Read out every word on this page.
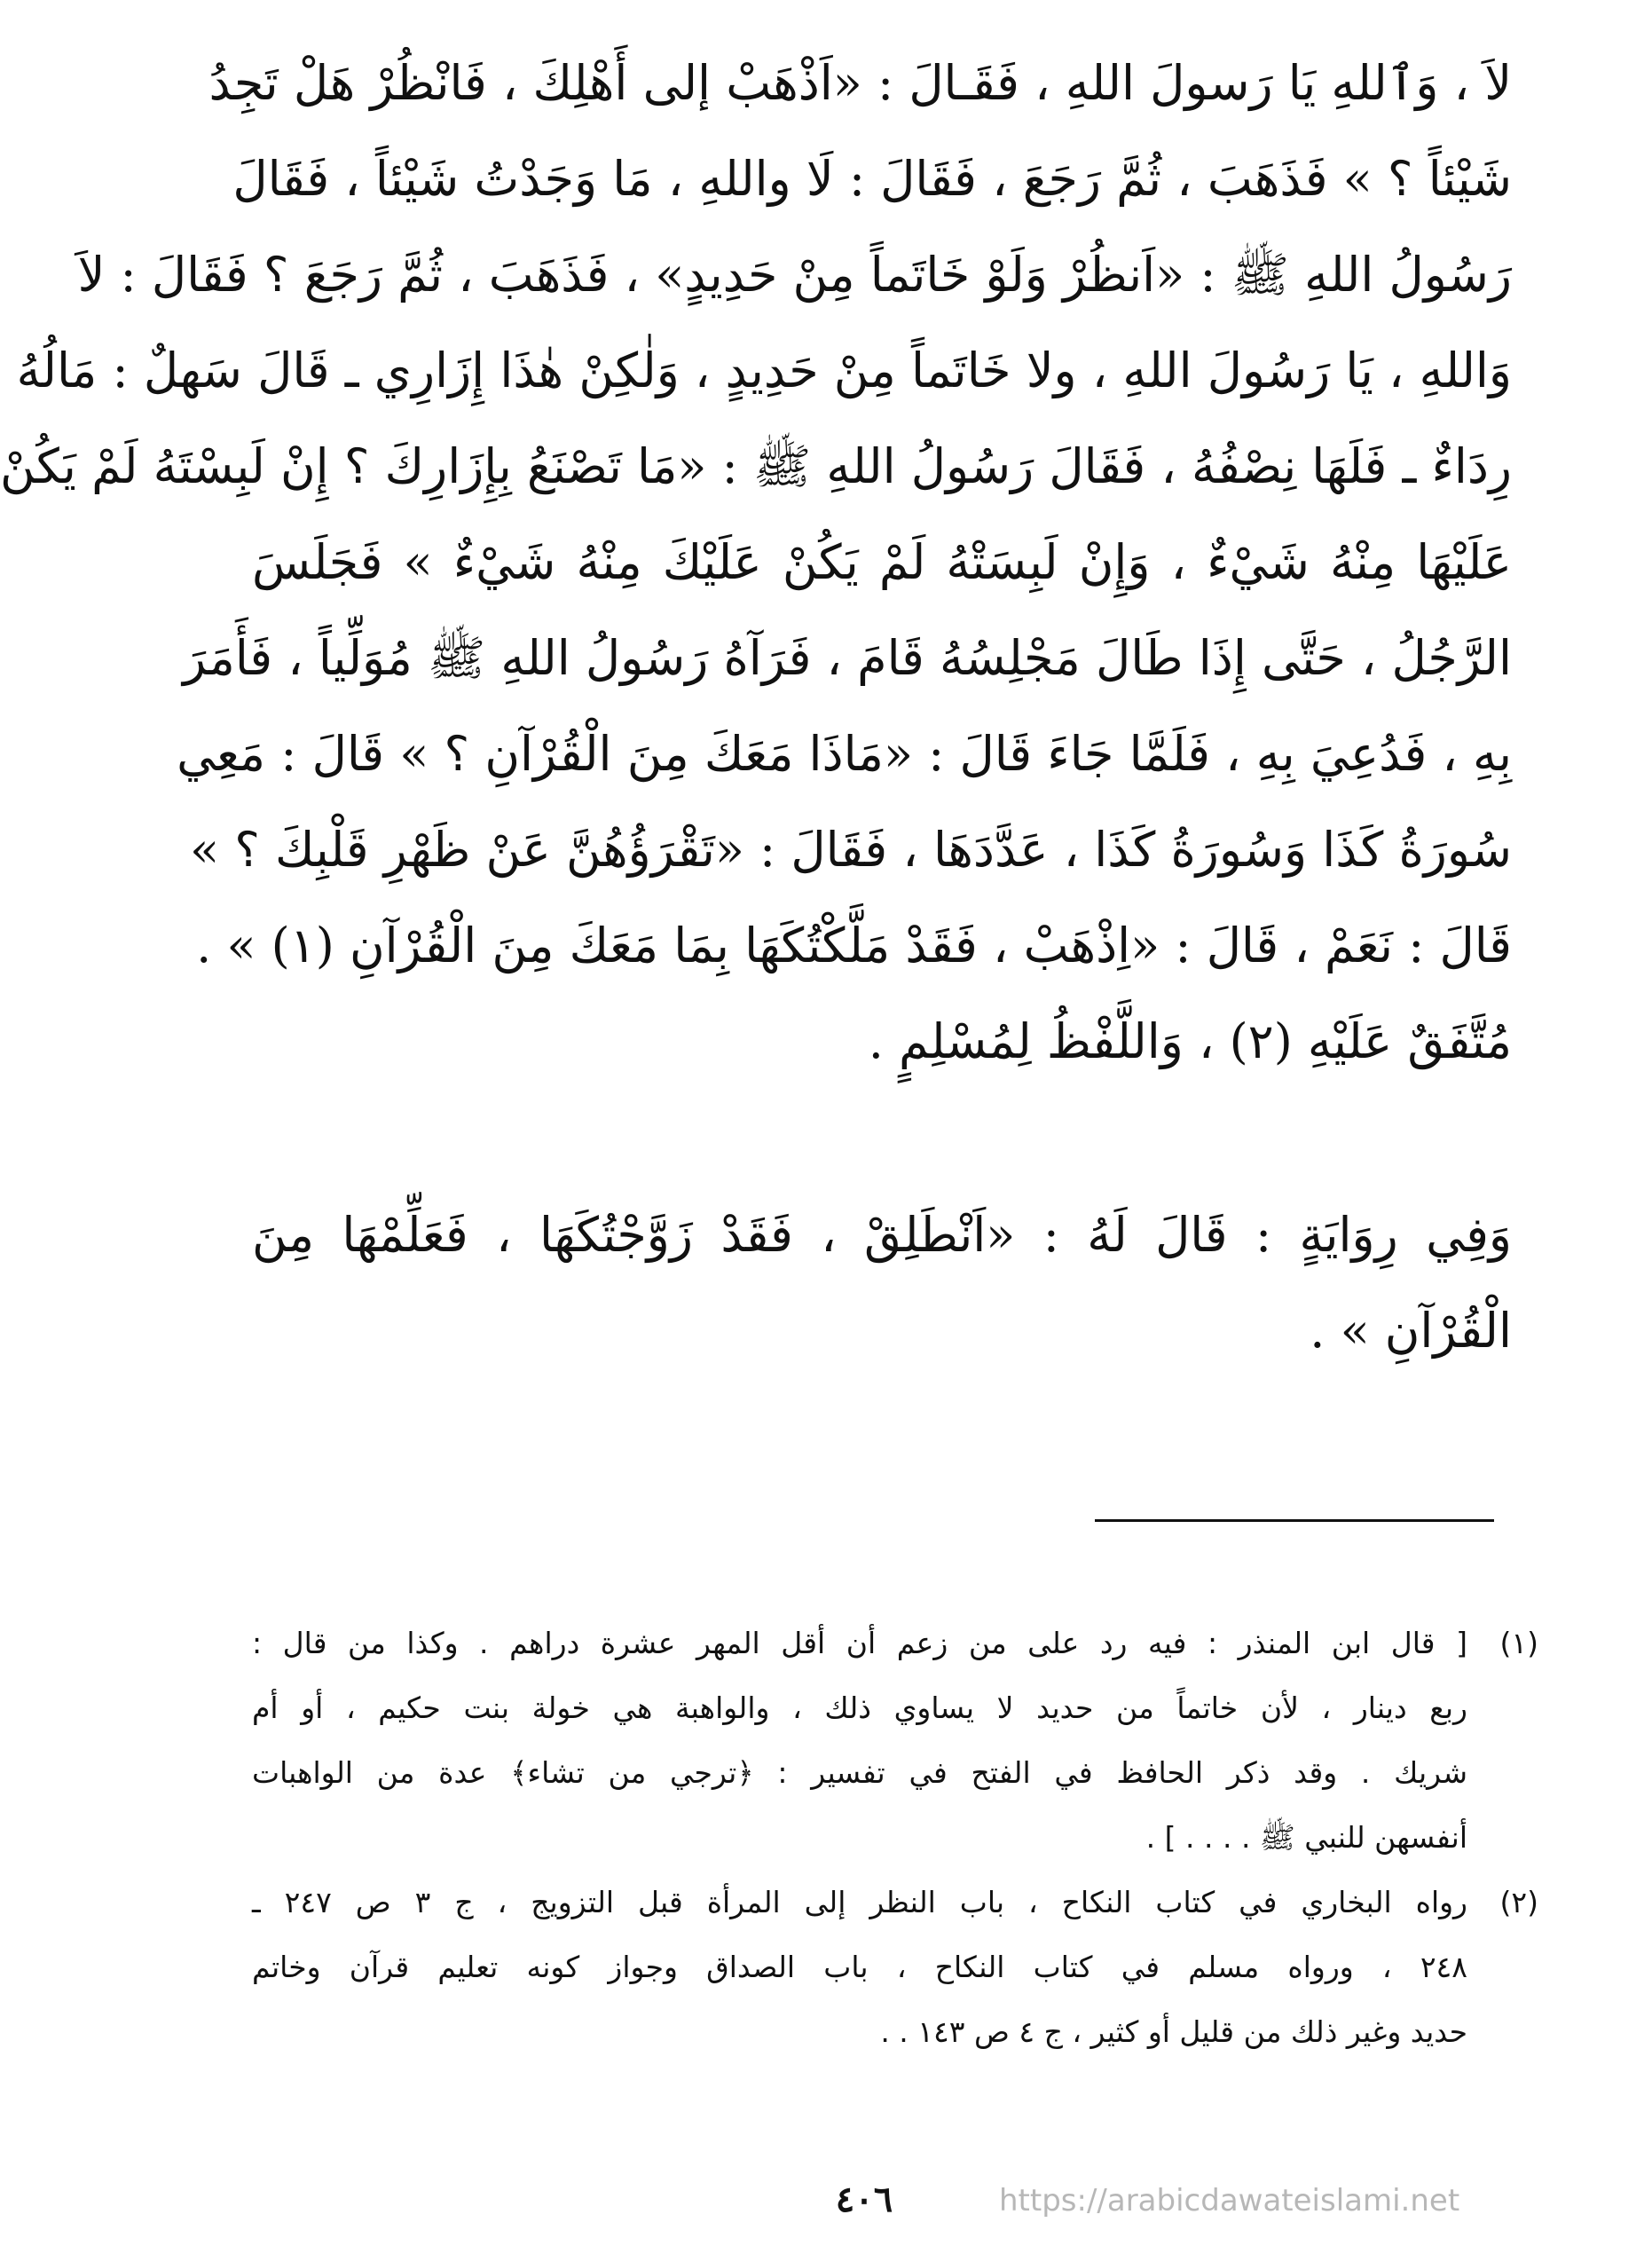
لاَ ، وَٱللهِ يَا رَسولَ اللهِ ، فَقَـالَ : «اَذْهَبْ إلى أَهْلِكَ ، فَانْظُرْ هَلْ تَجِدُ
شَيْئاً ؟ » فَذَهَبَ ، ثُمَّ رَجَعَ ، فَقَالَ : لَا واللهِ ، مَا وَجَدْتُ شَيْئاً ، فَقَالَ
رَسُولُ اللهِ ﷺ : «اَنظُرْ وَلَوْ خَاتَماً مِنْ حَدِيدٍ» ، فَذَهَبَ ، ثُمَّ رَجَعَ ؟ فَقَالَ : لاَ
وَاللهِ ، يَا رَسُولَ اللهِ ، ولا خَاتَماً مِنْ حَدِيدٍ ، وَلٰكِنْ هٰذَا إِزَارِي ـ قَالَ سَهلٌ : مَالُهُ
رِدَاءٌ ـ فَلَهَا نِصْفُهُ ، فَقَالَ رَسُولُ اللهِ ﷺ : «مَا تَصْنَعُ بِإِزَارِكَ ؟ إِنْ لَبِسْتَهُ لَمْ يَكُنْ
عَلَيْهَا مِنْهُ شَيْءٌ ، وَإِنْ لَبِسَتْهُ لَمْ يَكُنْ عَلَيْكَ مِنْهُ شَيْءٌ » فَجَلَسَ
الرَّجُلُ ، حَتَّى إِذَا طَالَ مَجْلِسُهُ قَامَ ، فَرَآهُ رَسُولُ اللهِ ﷺ مُوَلِّياً ، فَأَمَرَ
بِهِ ، فَدُعِيَ بِهِ ، فَلَمَّا جَاءَ قَالَ : «مَاذَا مَعَكَ مِنَ الْقُرْآنِ ؟ » قَالَ : مَعِي
سُورَةُ كَذَا وَسُورَةُ كَذَا ، عَدَّدَهَا ، فَقَالَ : «تَقْرَؤُهُنَّ عَنْ ظَهْرِ قَلْبِكَ ؟ »
قَالَ : نَعَمْ ، قَالَ : «اِذْهَبْ ، فَقَدْ مَلَّكْتُكَهَا بِمَا مَعَكَ مِنَ الْقُرْآنِ (١) » .
مُتَّفَقٌ عَلَيْهِ (٢) ، وَاللَّفْظُ لِمُسْلِمٍ .
وَفِي رِوَايَةٍ : قَالَ لَهُ : «اَنْطَلِقْ ، فَقَدْ زَوَّجْتُكَهَا ، فَعَلِّمْهَا مِنَ
الْقُرْآنِ » .
(١)[ قال ابن المنذر : فيه رد على من زعم أن أقل المهر عشرة دراهم . وكذا من قال :
ربع دينار ، لأن خاتماً من حديد لا يساوي ذلك ، والواهبة هي خولة بنت حكيم ، أو أم
شريك . وقد ذكر الحافظ في الفتح في تفسير : ﴿ترجي من تشاء﴾ عدة من الواهبات
أنفسهن للنبي ﷺ . . . . ] .
(٢)رواه البخاري في كتاب النكاح ، باب النظر إلى المرأة قبل التزويج ، ج ٣ ص ٢٤٧ ـ
٢٤٨ ، ورواه مسلم في كتاب النكاح ، باب الصداق وجواز كونه تعليم قرآن وخاتم
حديد وغير ذلك من قليل أو كثير ، ج ٤ ص ١٤٣ . .
٤٠٦	https://arabicdawateislami.net
